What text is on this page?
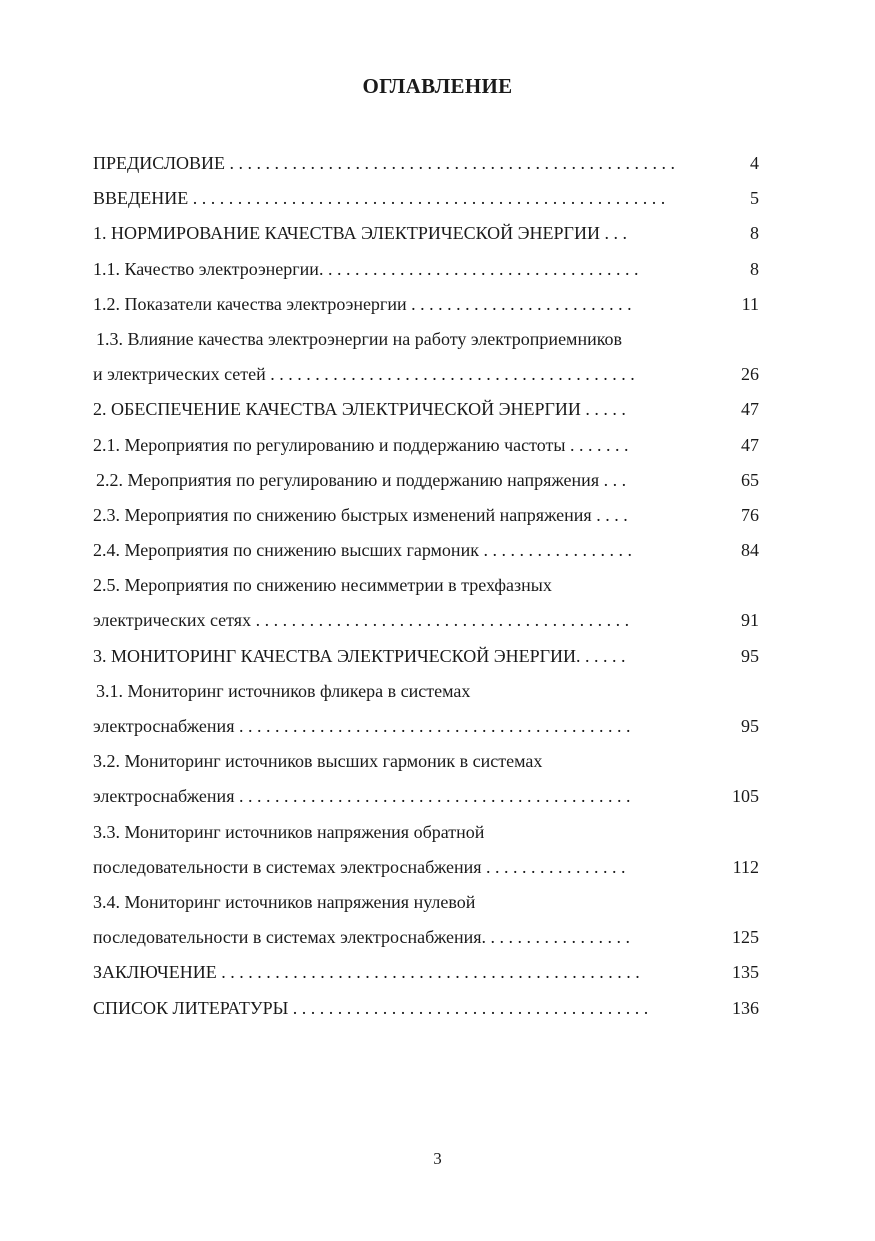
ОГЛАВЛЕНИЕ
ПРЕДИСЛОВИЕ . . . . . . . . . . . . . . . . . . . . . . . . . . . . . . . . . . . . . . . . . . . . . . . . . .	4
ВВЕДЕНИЕ . . . . . . . . . . . . . . . . . . . . . . . . . . . . . . . . . . . . . . . . . . . . . . . . . . . . .	5
1. НОРМИРОВАНИЕ КАЧЕСТВА ЭЛЕКТРИЧЕСКОЙ ЭНЕРГИИ . . .	8
1.1. Качество электроэнергии. . . . . . . . . . . . . . . . . . . . . . . . . . . . . . . . . . . .	8
1.2. Показатели качества электроэнергии . . . . . . . . . . . . . . . . . . . . . . . . .	11
1.3. Влияние качества электроэнергии на работу электроприемников
и электрических сетей . . . . . . . . . . . . . . . . . . . . . . . . . . . . . . . . . . . . . . . . .	26
2. ОБЕСПЕЧЕНИЕ КАЧЕСТВА ЭЛЕКТРИЧЕСКОЙ ЭНЕРГИИ . . . . .	47
2.1. Мероприятия по регулированию и поддержанию частоты . . . . . . .	47
2.2. Мероприятия по регулированию и поддержанию напряжения . . .	65
2.3. Мероприятия по снижению быстрых изменений напряжения . . . .	76
2.4. Мероприятия по снижению высших гармоник . . . . . . . . . . . . . . . . .	84
2.5. Мероприятия по снижению несимметрии в трехфазных
электрических сетях . . . . . . . . . . . . . . . . . . . . . . . . . . . . . . . . . . . . . . . . . .	91
3. МОНИТОРИНГ КАЧЕСТВА ЭЛЕКТРИЧЕСКОЙ ЭНЕРГИИ. . . . . .	95
3.1. Мониторинг источников фликера в системах
электроснабжения . . . . . . . . . . . . . . . . . . . . . . . . . . . . . . . . . . . . . . . . . . . .	95
3.2. Мониторинг источников высших гармоник в системах
электроснабжения . . . . . . . . . . . . . . . . . . . . . . . . . . . . . . . . . . . . . . . . . . . .	105
3.3. Мониторинг источников напряжения обратной
последовательности в системах электроснабжения . . . . . . . . . . . . . . . .	112
3.4. Мониторинг источников напряжения нулевой
последовательности в системах электроснабжения. . . . . . . . . . . . . . . . .	125
ЗАКЛЮЧЕНИЕ . . . . . . . . . . . . . . . . . . . . . . . . . . . . . . . . . . . . . . . . . . . . . . .	135
СПИСОК ЛИТЕРАТУРЫ . . . . . . . . . . . . . . . . . . . . . . . . . . . . . . . . . . . . . . . .	136
3
